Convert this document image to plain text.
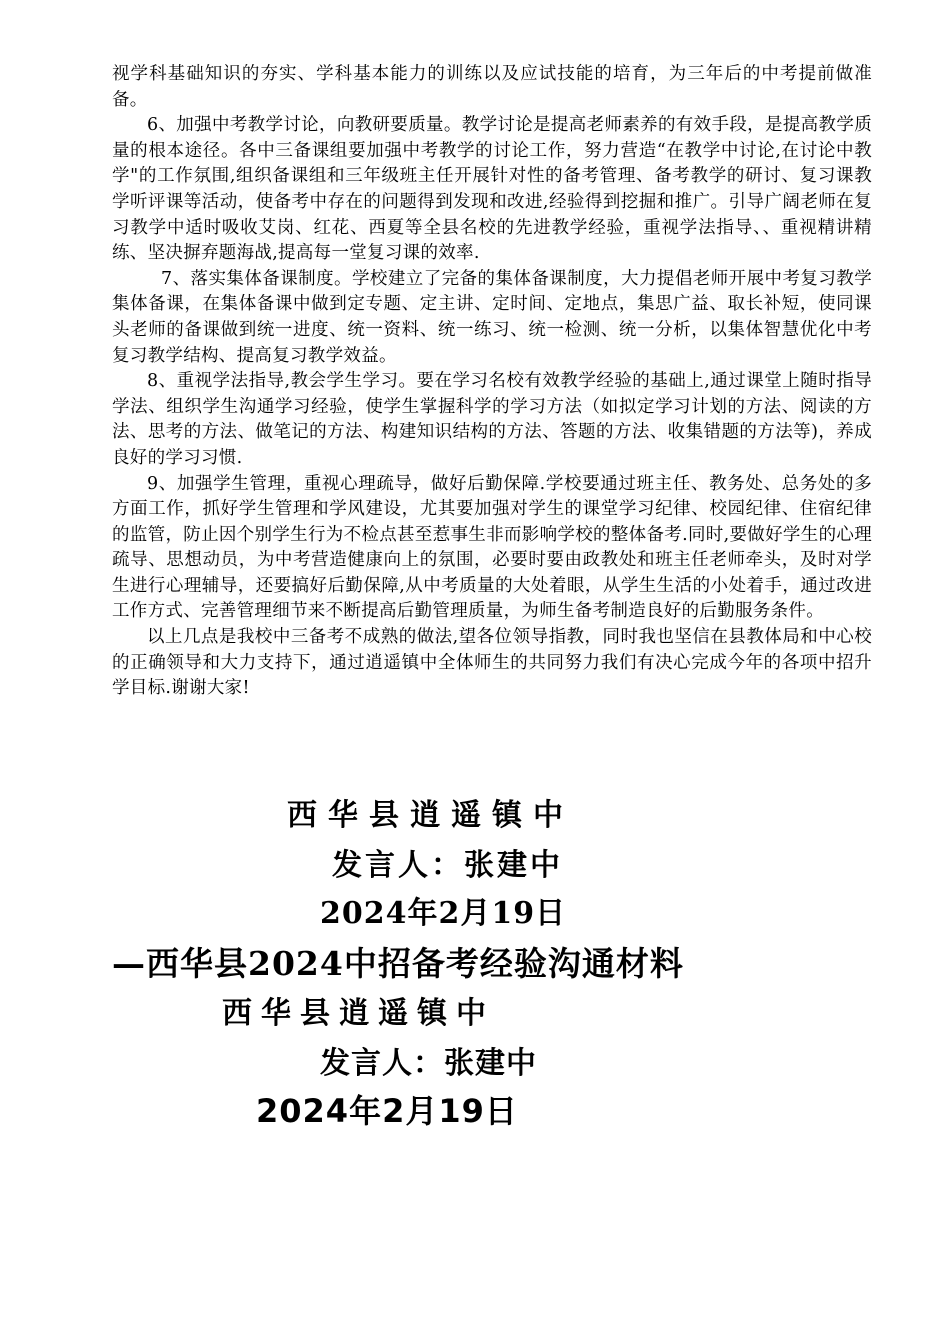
视学科基础知识的夯实、学科基本能力的训练以及应试技能的培育，为三年后的中考提前做准备。

6、加强中考教学讨论，向教研要质量。教学讨论是提高老师素养的有效手段，是提高教学质量的根本途径。各中三备课组要加强中考教学的讨论工作，努力营造“在教学中讨论,在讨论中教学"的工作氛围,组织备课组和三年级班主任开展针对性的备考管理、备考教学的研讨、复习课教学听评课等活动，使备考中存在的问题得到发现和改进,经验得到挖掘和推广。引导广阔老师在复习教学中适时吸收艾岗、红花、西夏等全县名校的先进教学经验，重视学法指导、、重视精讲精练、坚决摒弃题海战,提高每一堂复习课的效率.

7、落实集体备课制度。学校建立了完备的集体备课制度，大力提倡老师开展中考复习教学集体备课，在集体备课中做到定专题、定主讲、定时间、定地点，集思广益、取长补短，使同课头老师的备课做到统一进度、统一资料、统一练习、统一检测、统一分析，以集体智慧优化中考复习教学结构、提高复习教学效益。

8、重视学法指导,教会学生学习。要在学习名校有效教学经验的基础上,通过课堂上随时指导学法、组织学生沟通学习经验，使学生掌握科学的学习方法（如拟定学习计划的方法、阅读的方法、思考的方法、做笔记的方法、构建知识结构的方法、答题的方法、收集错题的方法等)，养成良好的学习习惯.

9、加强学生管理，重视心理疏导，做好后勤保障.学校要通过班主任、教务处、总务处的多方面工作，抓好学生管理和学风建设，尤其要加强对学生的课堂学习纪律、校园纪律、住宿纪律的监管，防止因个别学生行为不检点甚至惹事生非而影响学校的整体备考.同时,要做好学生的心理疏导、思想动员，为中考营造健康向上的氛围，必要时要由政教处和班主任老师牵头，及时对学生进行心理辅导，还要搞好后勤保障,从中考质量的大处着眼，从学生生活的小处着手，通过改进工作方式、完善管理细节来不断提高后勤管理质量，为师生备考制造良好的后勤服务条件。

以上几点是我校中三备考不成熟的做法,望各位领导指教，同时我也坚信在县教体局和中心校的正确领导和大力支持下，通过逍遥镇中全体师生的共同努力我们有决心完成今年的各项中招升学目标.谢谢大家!

西华县逍遥镇中

发言人：张建中

2024年2月19日

—西华县2024中招备考经验沟通材料

西华县逍遥镇中

发言人：张建中

2024年2月19日
